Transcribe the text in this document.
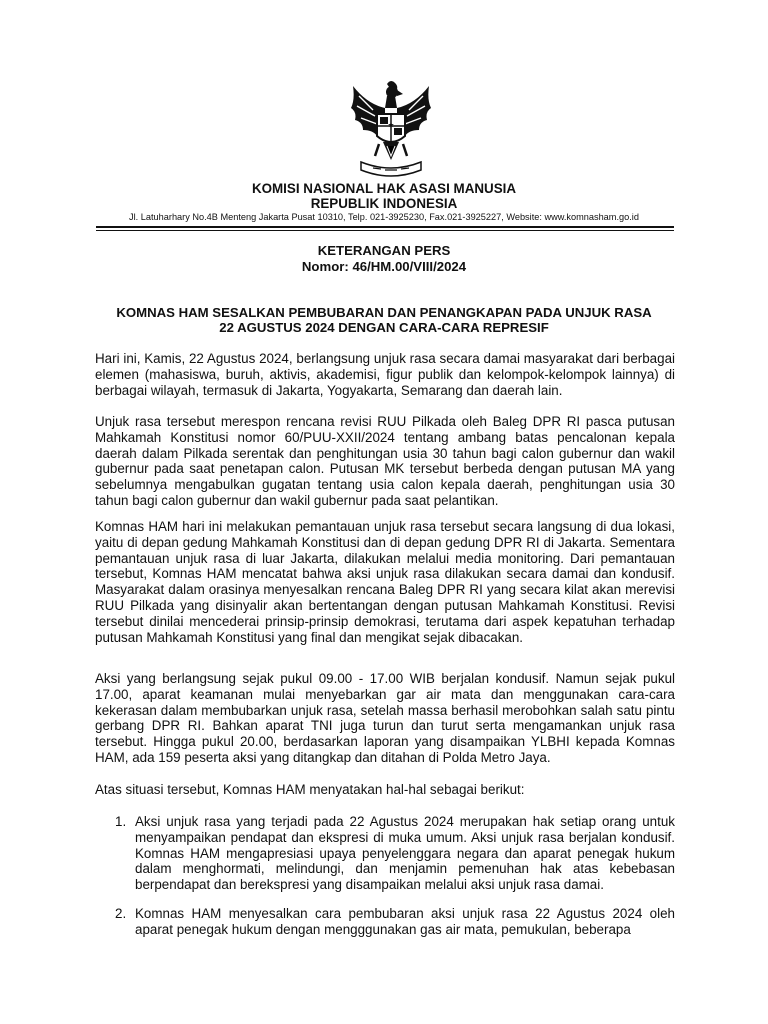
KOMISI NASIONAL HAK ASASI MANUSIA
REPUBLIK INDONESIA
Jl. Latuharhary No.4B Menteng Jakarta Pusat 10310, Telp. 021-3925230, Fax.021-3925227, Website: www.komnasham.go.id
KETERANGAN PERS
Nomor: 46/HM.00/VIII/2024
KOMNAS HAM SESALKAN PEMBUBARAN DAN PENANGKAPAN PADA UNJUK RASA
22 AGUSTUS 2024 DENGAN CARA-CARA REPRESIF

Hari ini, Kamis, 22 Agustus 2024, berlangsung unjuk rasa secara damai masyarakat dari berbagai elemen (mahasiswa, buruh, aktivis, akademisi, figur publik dan kelompok-kelompok lainnya) di berbagai wilayah, termasuk di Jakarta, Yogyakarta, Semarang dan daerah lain.

Unjuk rasa tersebut merespon rencana revisi RUU Pilkada oleh Baleg DPR RI pasca putusan Mahkamah Konstitusi nomor 60/PUU-XXII/2024 tentang ambang batas pencalonan kepala daerah dalam Pilkada serentak dan penghitungan usia 30 tahun bagi calon gubernur dan wakil gubernur pada saat penetapan calon. Putusan MK tersebut berbeda dengan putusan MA yang sebelumnya mengabulkan gugatan tentang usia calon kepala daerah, penghitungan usia 30 tahun bagi calon gubernur dan wakil gubernur pada saat pelantikan.

Komnas HAM hari ini melakukan pemantauan unjuk rasa tersebut secara langsung di dua lokasi, yaitu di depan gedung Mahkamah Konstitusi dan di depan gedung DPR RI di Jakarta. Sementara pemantauan unjuk rasa di luar Jakarta, dilakukan melalui media monitoring. Dari pemantauan tersebut, Komnas HAM mencatat bahwa aksi unjuk rasa dilakukan secara damai dan kondusif. Masyarakat dalam orasinya menyesalkan rencana Baleg DPR RI yang secara kilat akan merevisi RUU Pilkada yang disinyalir akan bertentangan dengan putusan Mahkamah Konstitusi. Revisi tersebut dinilai mencederai prinsip-prinsip demokrasi, terutama dari aspek kepatuhan terhadap putusan Mahkamah Konstitusi yang final dan mengikat sejak dibacakan.

Aksi yang berlangsung sejak pukul 09.00 - 17.00 WIB berjalan kondusif. Namun sejak pukul 17.00, aparat keamanan mulai menyebarkan gar air mata dan menggunakan cara-cara kekerasan dalam membubarkan unjuk rasa, setelah massa berhasil merobohkan salah satu pintu gerbang DPR RI. Bahkan aparat TNI juga turun dan turut serta mengamankan unjuk rasa tersebut. Hingga pukul 20.00, berdasarkan laporan yang disampaikan YLBHI kepada Komnas HAM, ada 159 peserta aksi yang ditangkap dan ditahan di Polda Metro Jaya.

Atas situasi tersebut, Komnas HAM menyatakan hal-hal sebagai berikut:

1. Aksi unjuk rasa yang terjadi pada 22 Agustus 2024 merupakan hak setiap orang untuk menyampaikan pendapat dan ekspresi di muka umum. Aksi unjuk rasa berjalan kondusif. Komnas HAM mengapresiasi upaya penyelenggara negara dan aparat penegak hukum dalam menghormati, melindungi, dan menjamin pemenuhan hak atas kebebasan berpendapat dan berekspresi yang disampaikan melalui aksi unjuk rasa damai.
2. Komnas HAM menyesalkan cara pembubaran aksi unjuk rasa 22 Agustus 2024 oleh aparat penegak hukum dengan mengggunakan gas air mata, pemukulan, beberapa
